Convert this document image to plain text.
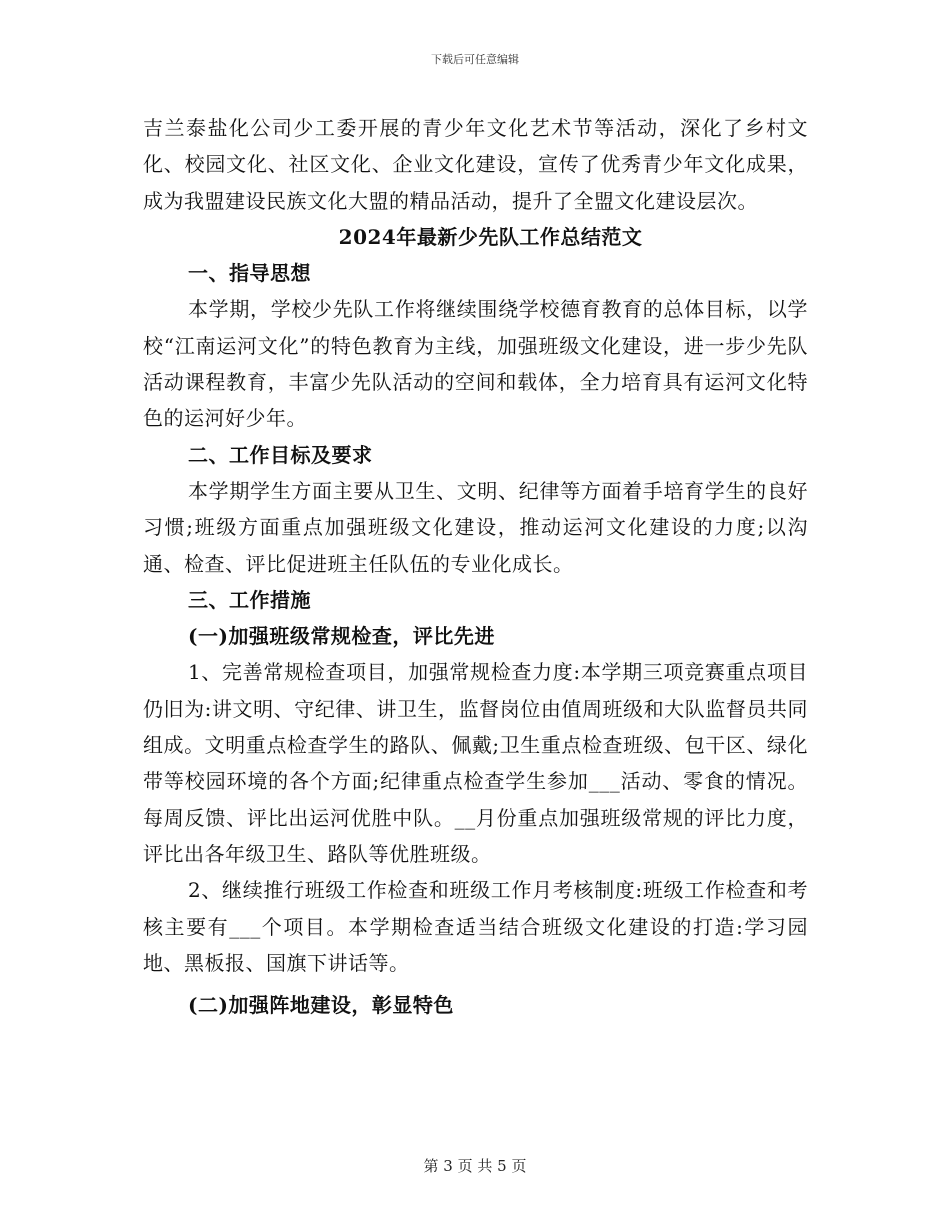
下载后可任意编辑

吉兰泰盐化公司少工委开展的青少年文化艺术节等活动，深化了乡村文化、校园文化、社区文化、企业文化建设，宣传了优秀青少年文化成果，成为我盟建设民族文化大盟的精品活动，提升了全盟文化建设层次。

2024年最新少先队工作总结范文

一、指导思想

本学期，学校少先队工作将继续围绕学校德育教育的总体目标，以学校“江南运河文化”的特色教育为主线，加强班级文化建设，进一步少先队活动课程教育，丰富少先队活动的空间和载体，全力培育具有运河文化特色的运河好少年。

二、工作目标及要求

本学期学生方面主要从卫生、文明、纪律等方面着手培育学生的良好习惯;班级方面重点加强班级文化建设，推动运河文化建设的力度;以沟通、检查、评比促进班主任队伍的专业化成长。

三、工作措施

(一)加强班级常规检查，评比先进

1、完善常规检查项目，加强常规检查力度:本学期三项竞赛重点项目仍旧为:讲文明、守纪律、讲卫生，监督岗位由值周班级和大队监督员共同组成。文明重点检查学生的路队、佩戴;卫生重点检查班级、包干区、绿化带等校园环境的各个方面;纪律重点检查学生参加___活动、零食的情况。每周反馈、评比出运河优胜中队。__月份重点加强班级常规的评比力度，评比出各年级卫生、路队等优胜班级。

2、继续推行班级工作检查和班级工作月考核制度:班级工作检查和考核主要有___个项目。本学期检查适当结合班级文化建设的打造:学习园地、黑板报、国旗下讲话等。

(二)加强阵地建设，彰显特色

第 3 页 共 5 页
